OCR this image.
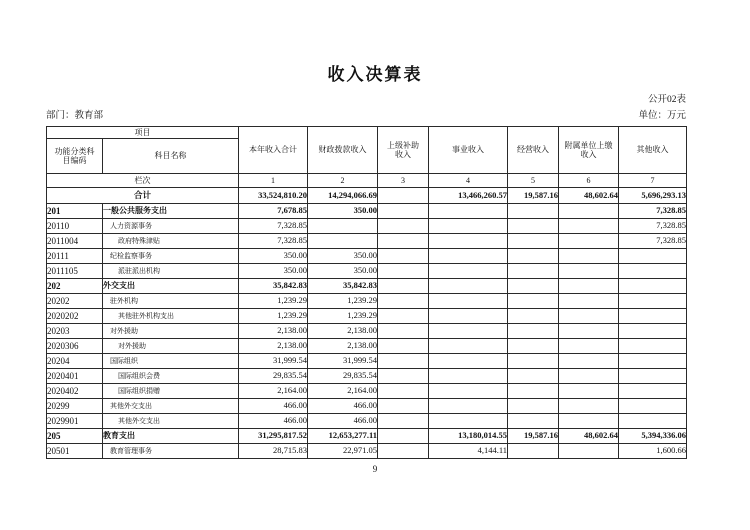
收入决算表
公开02表
部门：教育部	单位：万元
项目		本年收入合计	财政拨款收入	上级补助收入	事业收入	经营收入	附属单位上缴收入	其他收入
功能分类科目编码	科目名称							
栏次		1	2	3	4	5	6	7
合计		33,524,810.20	14,294,066.69		13,466,260.57	19,587.16	48,602.64	5,696,293.13
201	一般公共服务支出	7,678.85	350.00					7,328.85
20110	人力资源事务	7,328.85						7,328.85
2011004	政府特殊津贴	7,328.85						7,328.85
20111	纪检监察事务	350.00	350.00					
2011105	派驻派出机构	350.00	350.00					
202	外交支出	35,842.83	35,842.83					
20202	驻外机构	1,239.29	1,239.29					
2020202	其他驻外机构支出	1,239.29	1,239.29					
20203	对外援助	2,138.00	2,138.00					
2020306	对外援助	2,138.00	2,138.00					
20204	国际组织	31,999.54	31,999.54					
2020401	国际组织会费	29,835.54	29,835.54					
2020402	国际组织捐赠	2,164.00	2,164.00					
20299	其他外交支出	466.00	466.00					
2029901	其他外交支出	466.00	466.00					
205	教育支出	31,295,817.52	12,653,277.11		13,180,014.55	19,587.16	48,602.64	5,394,336.06
20501	教育管理事务	28,715.83	22,971.05		4,144.11			1,600.66
9
